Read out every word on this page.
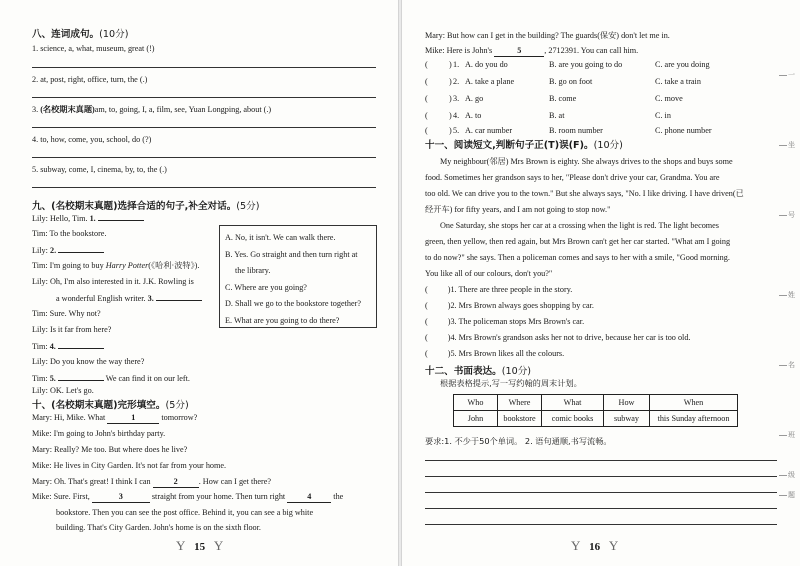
八、连词成句。(10分)
1. science, a, what, museum, great (!)
2. at, post, right, office, turn, the (.)
3. (名校期末真题)am, to, going, I, a, film, see, Yuan Longping, about (.)
4. to, how, come, you, school, do (?)
5. subway, come, I, cinema, by, to, the (.)
九、(名校期末真题)选择合适的句子,补全对话。(5分)
Lily: Hello, Tim. 1.
Tim: To the bookstore.
Lily: 2.
Tim: I'm going to buy Harry Potter(《哈利·波特》).
Lily: Oh, I'm also interested in it. J.K. Rowling is
a wonderful English writer. 3.
Tim: Sure. Why not?
Lily: Is it far from here?
Tim: 4.
Lily: Do you know the way there?
Tim: 5.	We can find it on our left.
Lily: OK. Let's go.
A. No, it isn't. We can walk there.
B. Yes. Go straight and then turn right at
the library.
C. Where are you going?
D. Shall we go to the bookstore together?
E. What are you going to do there?
十、(名校期末真题)完形填空。(5分)
Mary: Hi, Mike. What	1	tomorrow?
Mike: I'm going to John's birthday party.
Mary: Really? Me too. But where does he live?
Mike: He lives in City Garden. It's not far from your home.
Mary: Oh. That's great! I think I can	2	. How can I get there?
Mike: Sure. First,	3	straight from your home. Then turn right 4 the
bookstore. Then you can see the post office. Behind it, you can see a big white
building. That's City Garden. John's home is on the sixth floor.
Y 15 Y
Mary: But how can I get in the building? The guards(保安) don't let me in.
Mike: Here is John's	5	, 2712391. You can call him.
十一、阅读短文,判断句子正(T)误(F)。(10分)
My neighbour(邻居) Mrs Brown is eighty. She always drives to the shops and buys some
food. Sometimes her grandson says to her, "Please don't drive your car, Grandma. You are
too old. We can drive you to the town." But she always says, "No. I like driving. I have driven(已
经开车) for fifty years, and I am not going to stop now."
One Saturday, she stops her car at a crossing when the light is red. The light becomes
green, then yellow, then red again, but Mrs Brown can't get her car started. "What am I going
to do now?" she says. Then a policeman comes and says to her with a smile, "Good morning.
You like all of our colours, don't you?"
( )1. There are three people in the story.
( )2. Mrs Brown always goes shopping by car.
( )3. The policeman stops Mrs Brown's car.
( )4. Mrs Brown's grandson asks her not to drive, because her car is too old.
( )5. Mrs Brown likes all the colours.
十二、书面表达。(10分)
根据表格提示,写一写约翰的周末计划。
要求:1. 不少于50个单词。 2. 语句通顺,书写流畅。
Y 16 Y
(	) 1. A. do you do	B. are you going to do	C. are you doing
(	) 2. A. take a plane	B. go on foot	C. take a train
(	) 3. A. go	B. come	C. move
(	) 4. A. to	B. at	C. in
(	) 5. A. car number	B. room number	C. phone number
Who	Where	What	How	When
John	bookstore	comic books	subway	this Sunday afternoon
一
坐
号
姓
名
班
级
题
